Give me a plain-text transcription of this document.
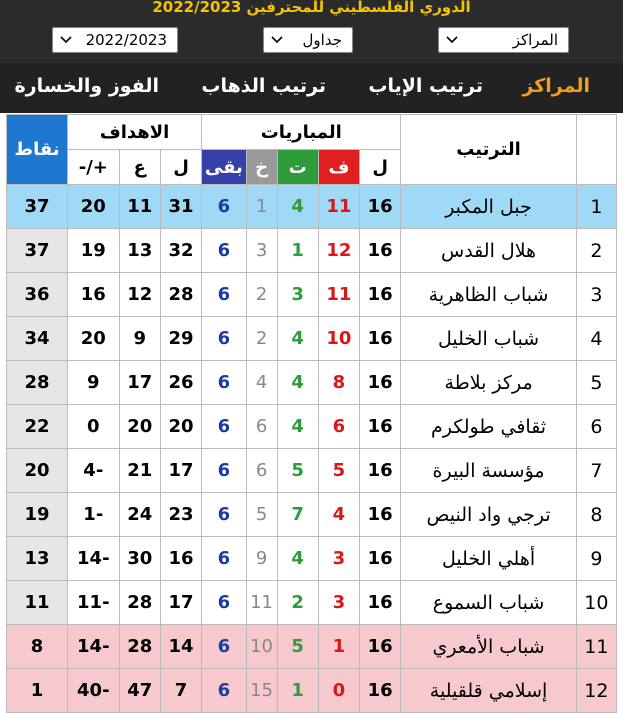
الدوري الفلسطيني للمحترفين 2022/2023
2022/2023	جداول	المراكز
المراكز
ترتيب الإياب
ترتيب الذهاب
الفوز والخسارة
	الترتيب	المباريات					الاهداف			نقاط
		ل	ف	ت	خ	بقى	ل	ع	+/-	
1	جبل المكبر	16	11	4	1	6	31	11	20	37
2	هلال القدس	16	12	1	3	6	32	13	19	37
3	شباب الظاهرية	16	11	3	2	6	28	12	16	36
4	شباب الخليل	16	10	4	2	6	29	9	20	34
5	مركز بلاطة	16	8	4	4	6	26	17	9	28
6	ثقافي طولكرم	16	6	4	6	6	20	20	0	22
7	مؤسسة البيرة	16	5	5	6	6	17	21	-4	20
8	ترجي واد النيص	16	4	7	5	6	23	24	-1	19
9	أهلي الخليل	16	3	4	9	6	16	30	-14	13
10	شباب السموع	16	3	2	11	6	17	28	-11	11
11	شباب الأمعري	16	1	5	10	6	14	28	-14	8
12	إسلامي قلقيلية	16	0	1	15	6	7	47	-40	1
